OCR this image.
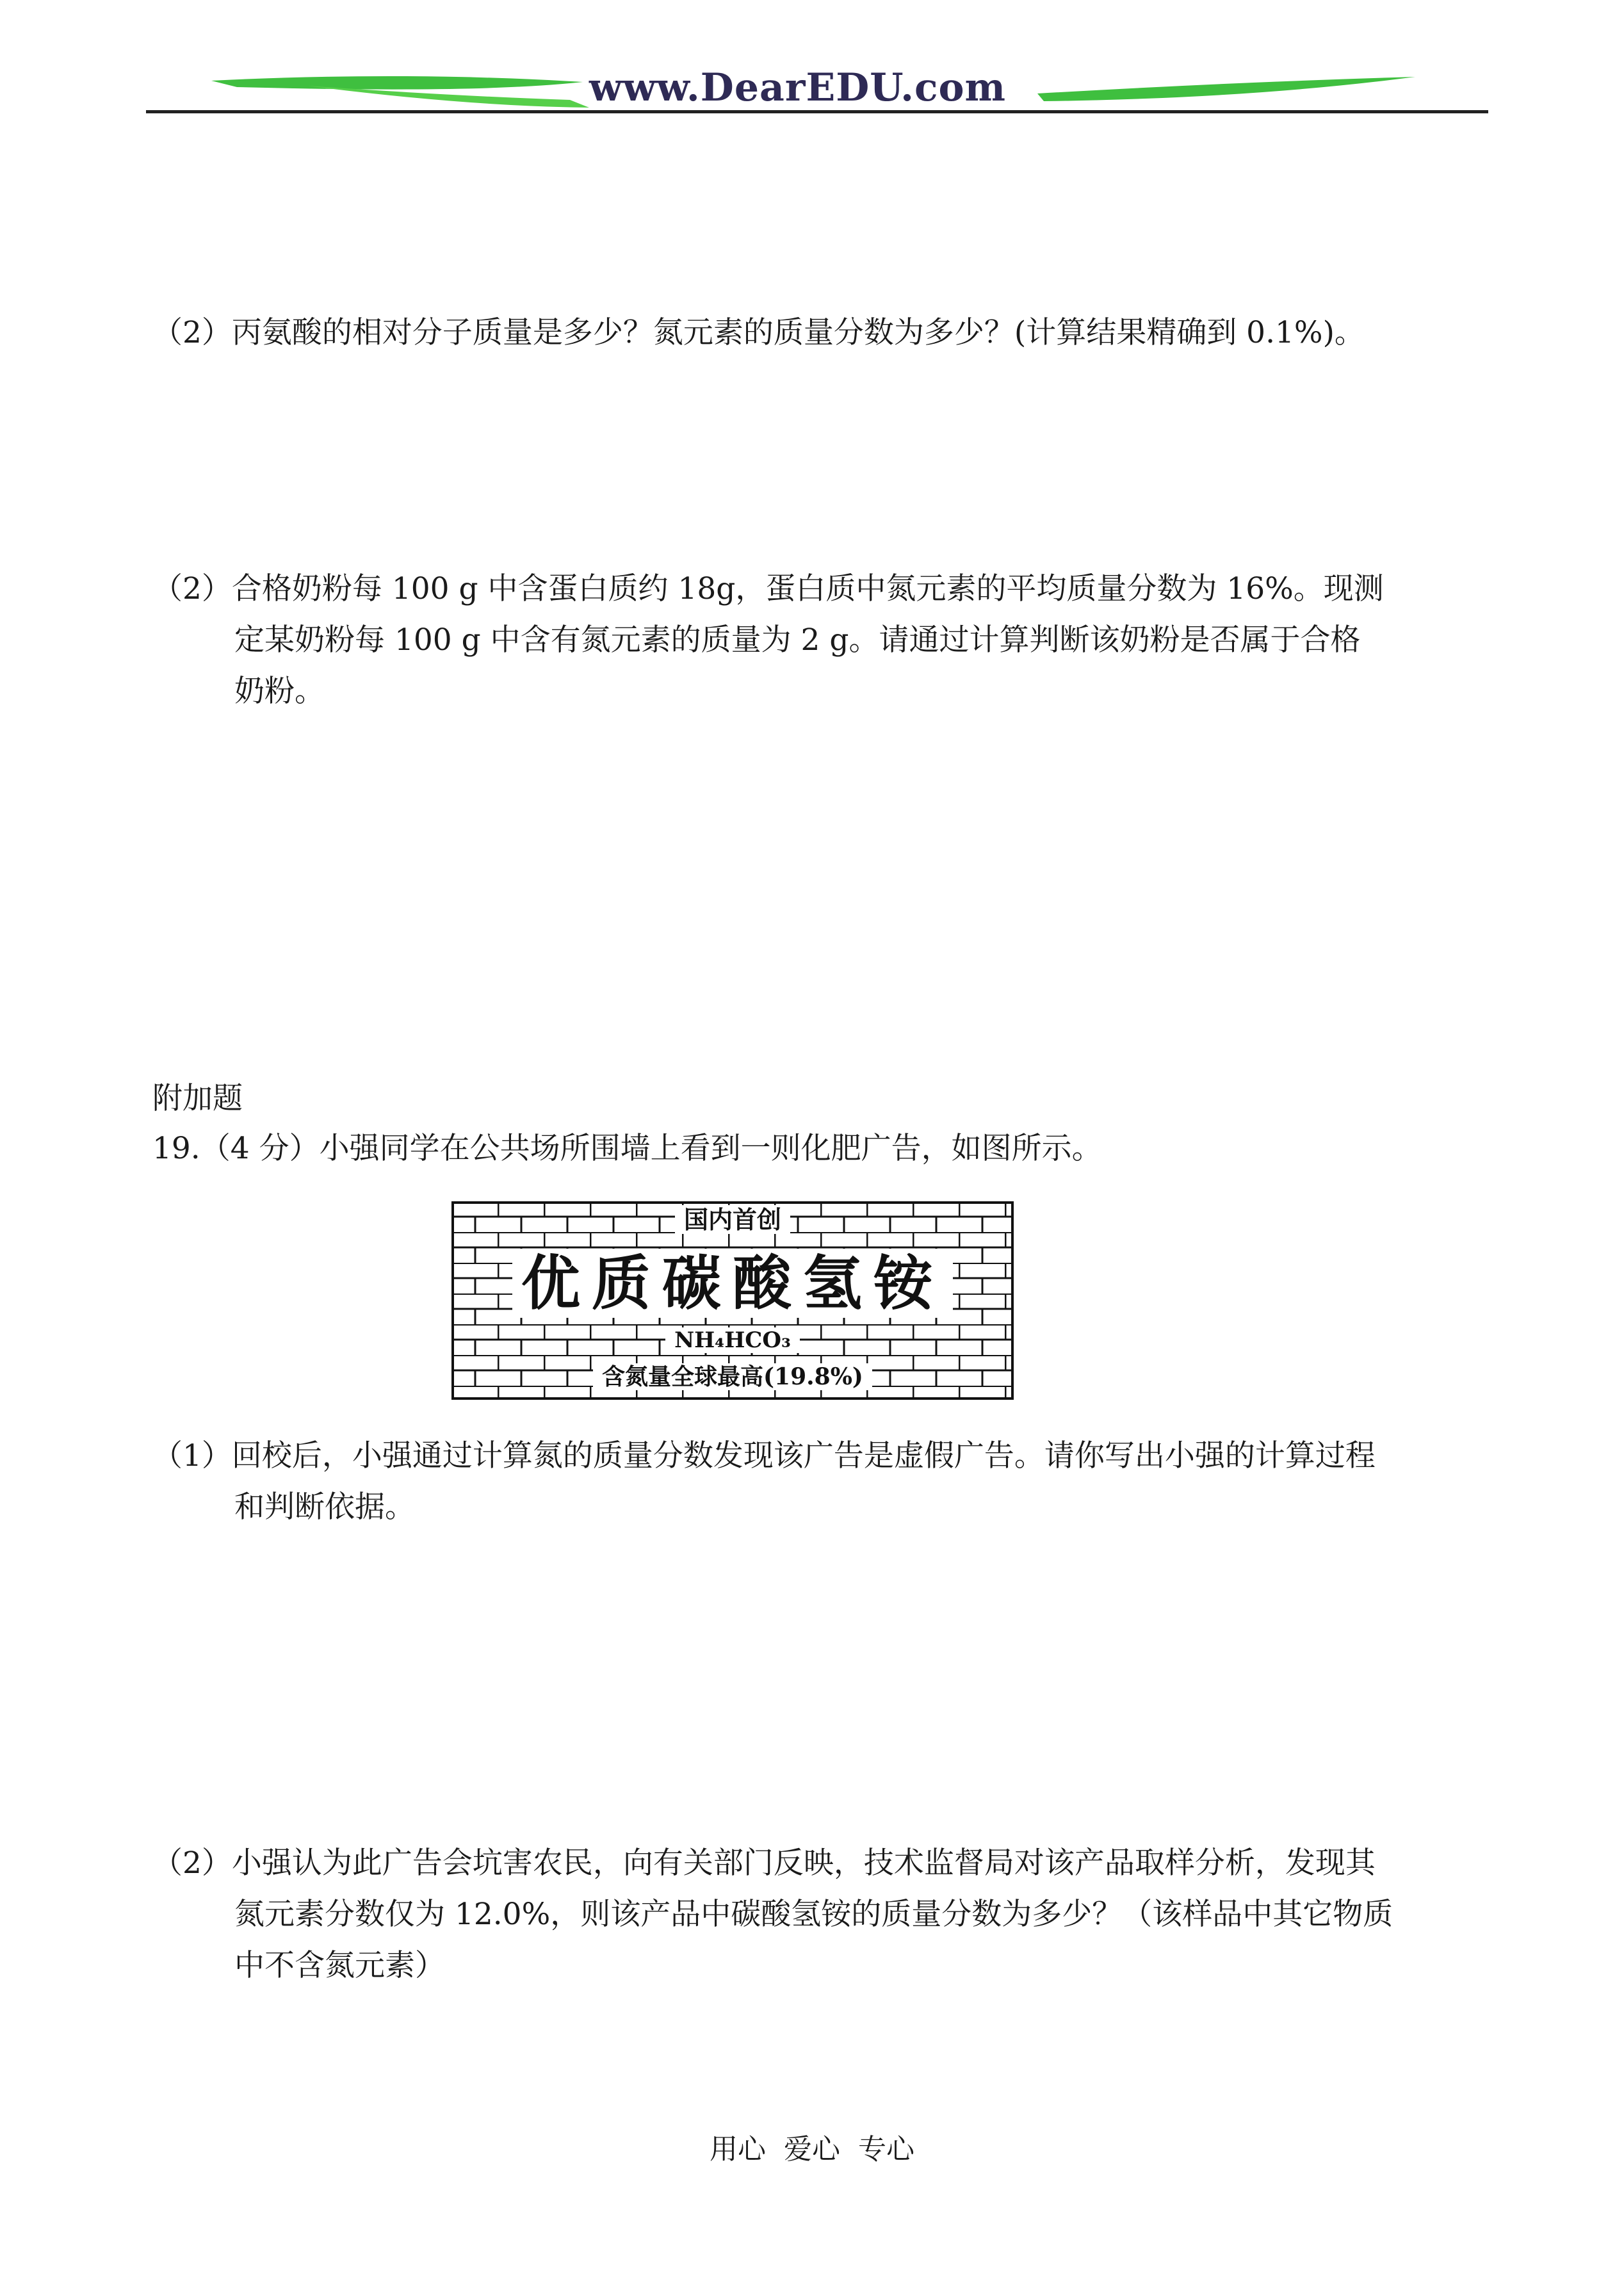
www.DearEDU.com
（2）丙氨酸的相对分子质量是多少？氮元素的质量分数为多少？(计算结果精确到 0.1%)。
（2）合格奶粉每 100 g 中含蛋白质约 18g，蛋白质中氮元素的平均质量分数为 16%。现测
定某奶粉每 100 g 中含有氮元素的质量为 2 g。请通过计算判断该奶粉是否属于合格
奶粉。
附加题
19.（4 分）小强同学在公共场所围墙上看到一则化肥广告，如图所示。
国内首创
优质碳酸氢铵
NH₄HCO₃
含氮量全球最高(19.8%)
（1）回校后，小强通过计算氮的质量分数发现该广告是虚假广告。请你写出小强的计算过程
和判断依据。
（2）小强认为此广告会坑害农民，向有关部门反映，技术监督局对该产品取样分析，发现其
氮元素分数仅为 12.0%，则该产品中碳酸氢铵的质量分数为多少？（该样品中其它物质
中不含氮元素）
用心  爱心  专心
